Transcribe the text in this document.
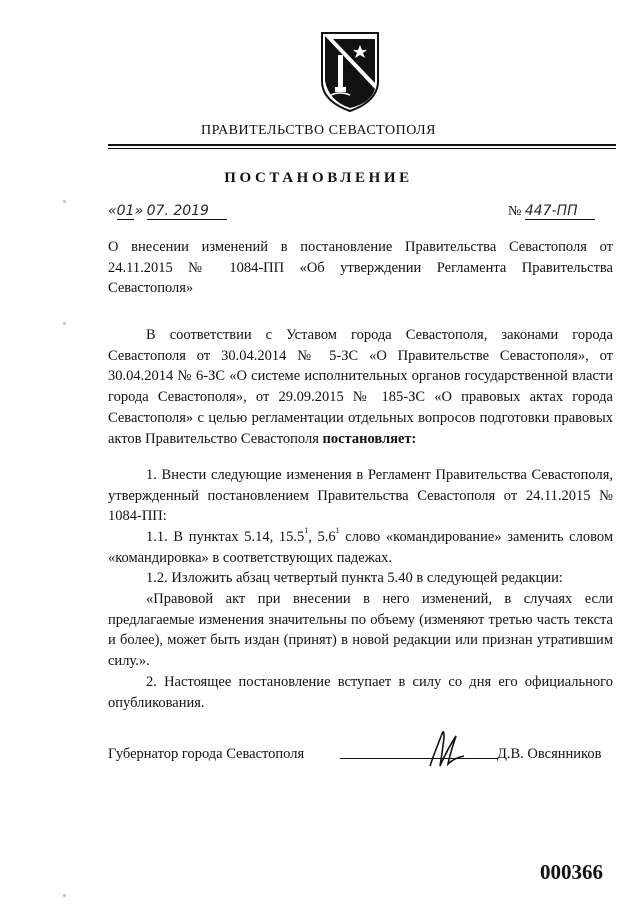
ПРАВИТЕЛЬСТВО СЕВАСТОПОЛЯ
ПОСТАНОВЛЕНИЕ
«01» 07. 2019	№ 447-ПП
О внесении изменений в постановление Правительства Севастополя от 24.11.2015 № 1084-ПП «Об утверждении Регламента Правительства Севастополя»
В соответствии с Уставом города Севастополя, законами города Севастополя от 30.04.2014 № 5-ЗС «О Правительстве Севастополя», от 30.04.2014 № 6-ЗС «О системе исполнительных органов государственной власти города Севастополя», от 29.09.2015 № 185-ЗС «О правовых актах города Севастополя» с целью регламентации отдельных вопросов подготовки правовых актов Правительство Севастополя постановляет:
1. Внести следующие изменения в Регламент Правительства Севастополя, утвержденный постановлением Правительства Севастополя от 24.11.2015 № 1084-ПП:
1.1. В пунктах 5.14, 15.5$^1$, $5.6^1$ слово «командирование» заменить словом «командировка» в соответствующих падежах.
1.2. Изложить абзац четвертый пункта 5.40 в следующей редакции:
«Правовой акт при внесении в него изменений, в случаях если предлагаемые изменения значительны по объему (изменяют третью часть текста и более), может быть издан (принят) в новой редакции или признан утратившим силу.».
2. Настоящее постановление вступает в силу со дня его официального опубликования.
Губернатор города Севастополя	Д.В. Овсянников
000366
